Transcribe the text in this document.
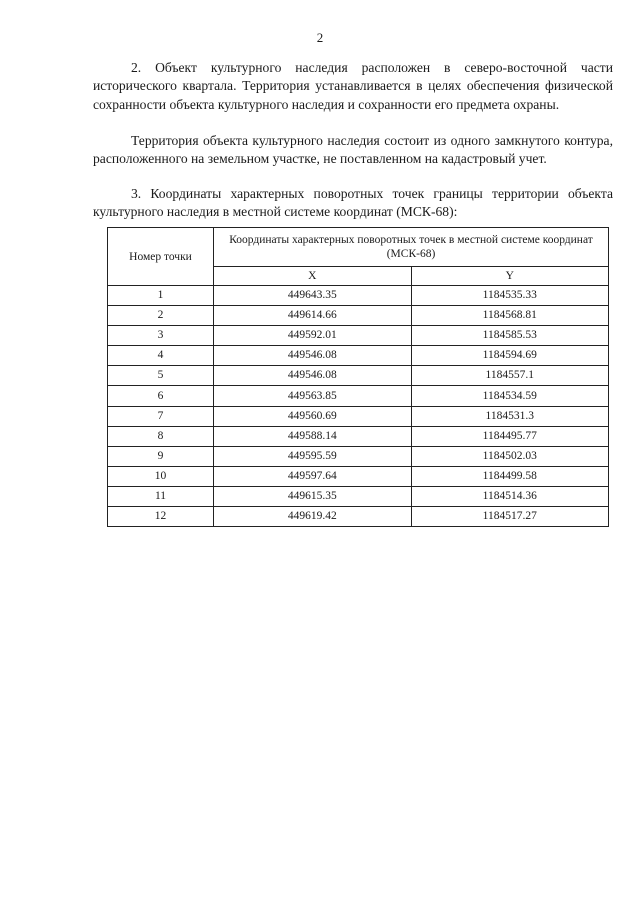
2
2. Объект культурного наследия расположен в северо-восточной части исторического квартала. Территория устанавливается в целях обеспечения физической сохранности объекта культурного наследия и сохранности его предмета охраны.
Территория объекта культурного наследия состоит из одного замкнутого контура, расположенного на земельном участке, не поставленном на кадастровый учет.
3. Координаты характерных поворотных точек границы территории объекта культурного наследия в местной системе координат (МСК-68):
Номер точки	Координаты характерных поворотных точек в местной системе координат (МСК-68)	
	X	Y
1	449643.35	1184535.33
2	449614.66	1184568.81
3	449592.01	1184585.53
4	449546.08	1184594.69
5	449546.08	1184557.1
6	449563.85	1184534.59
7	449560.69	1184531.3
8	449588.14	1184495.77
9	449595.59	1184502.03
10	449597.64	1184499.58
11	449615.35	1184514.36
12	449619.42	1184517.27
